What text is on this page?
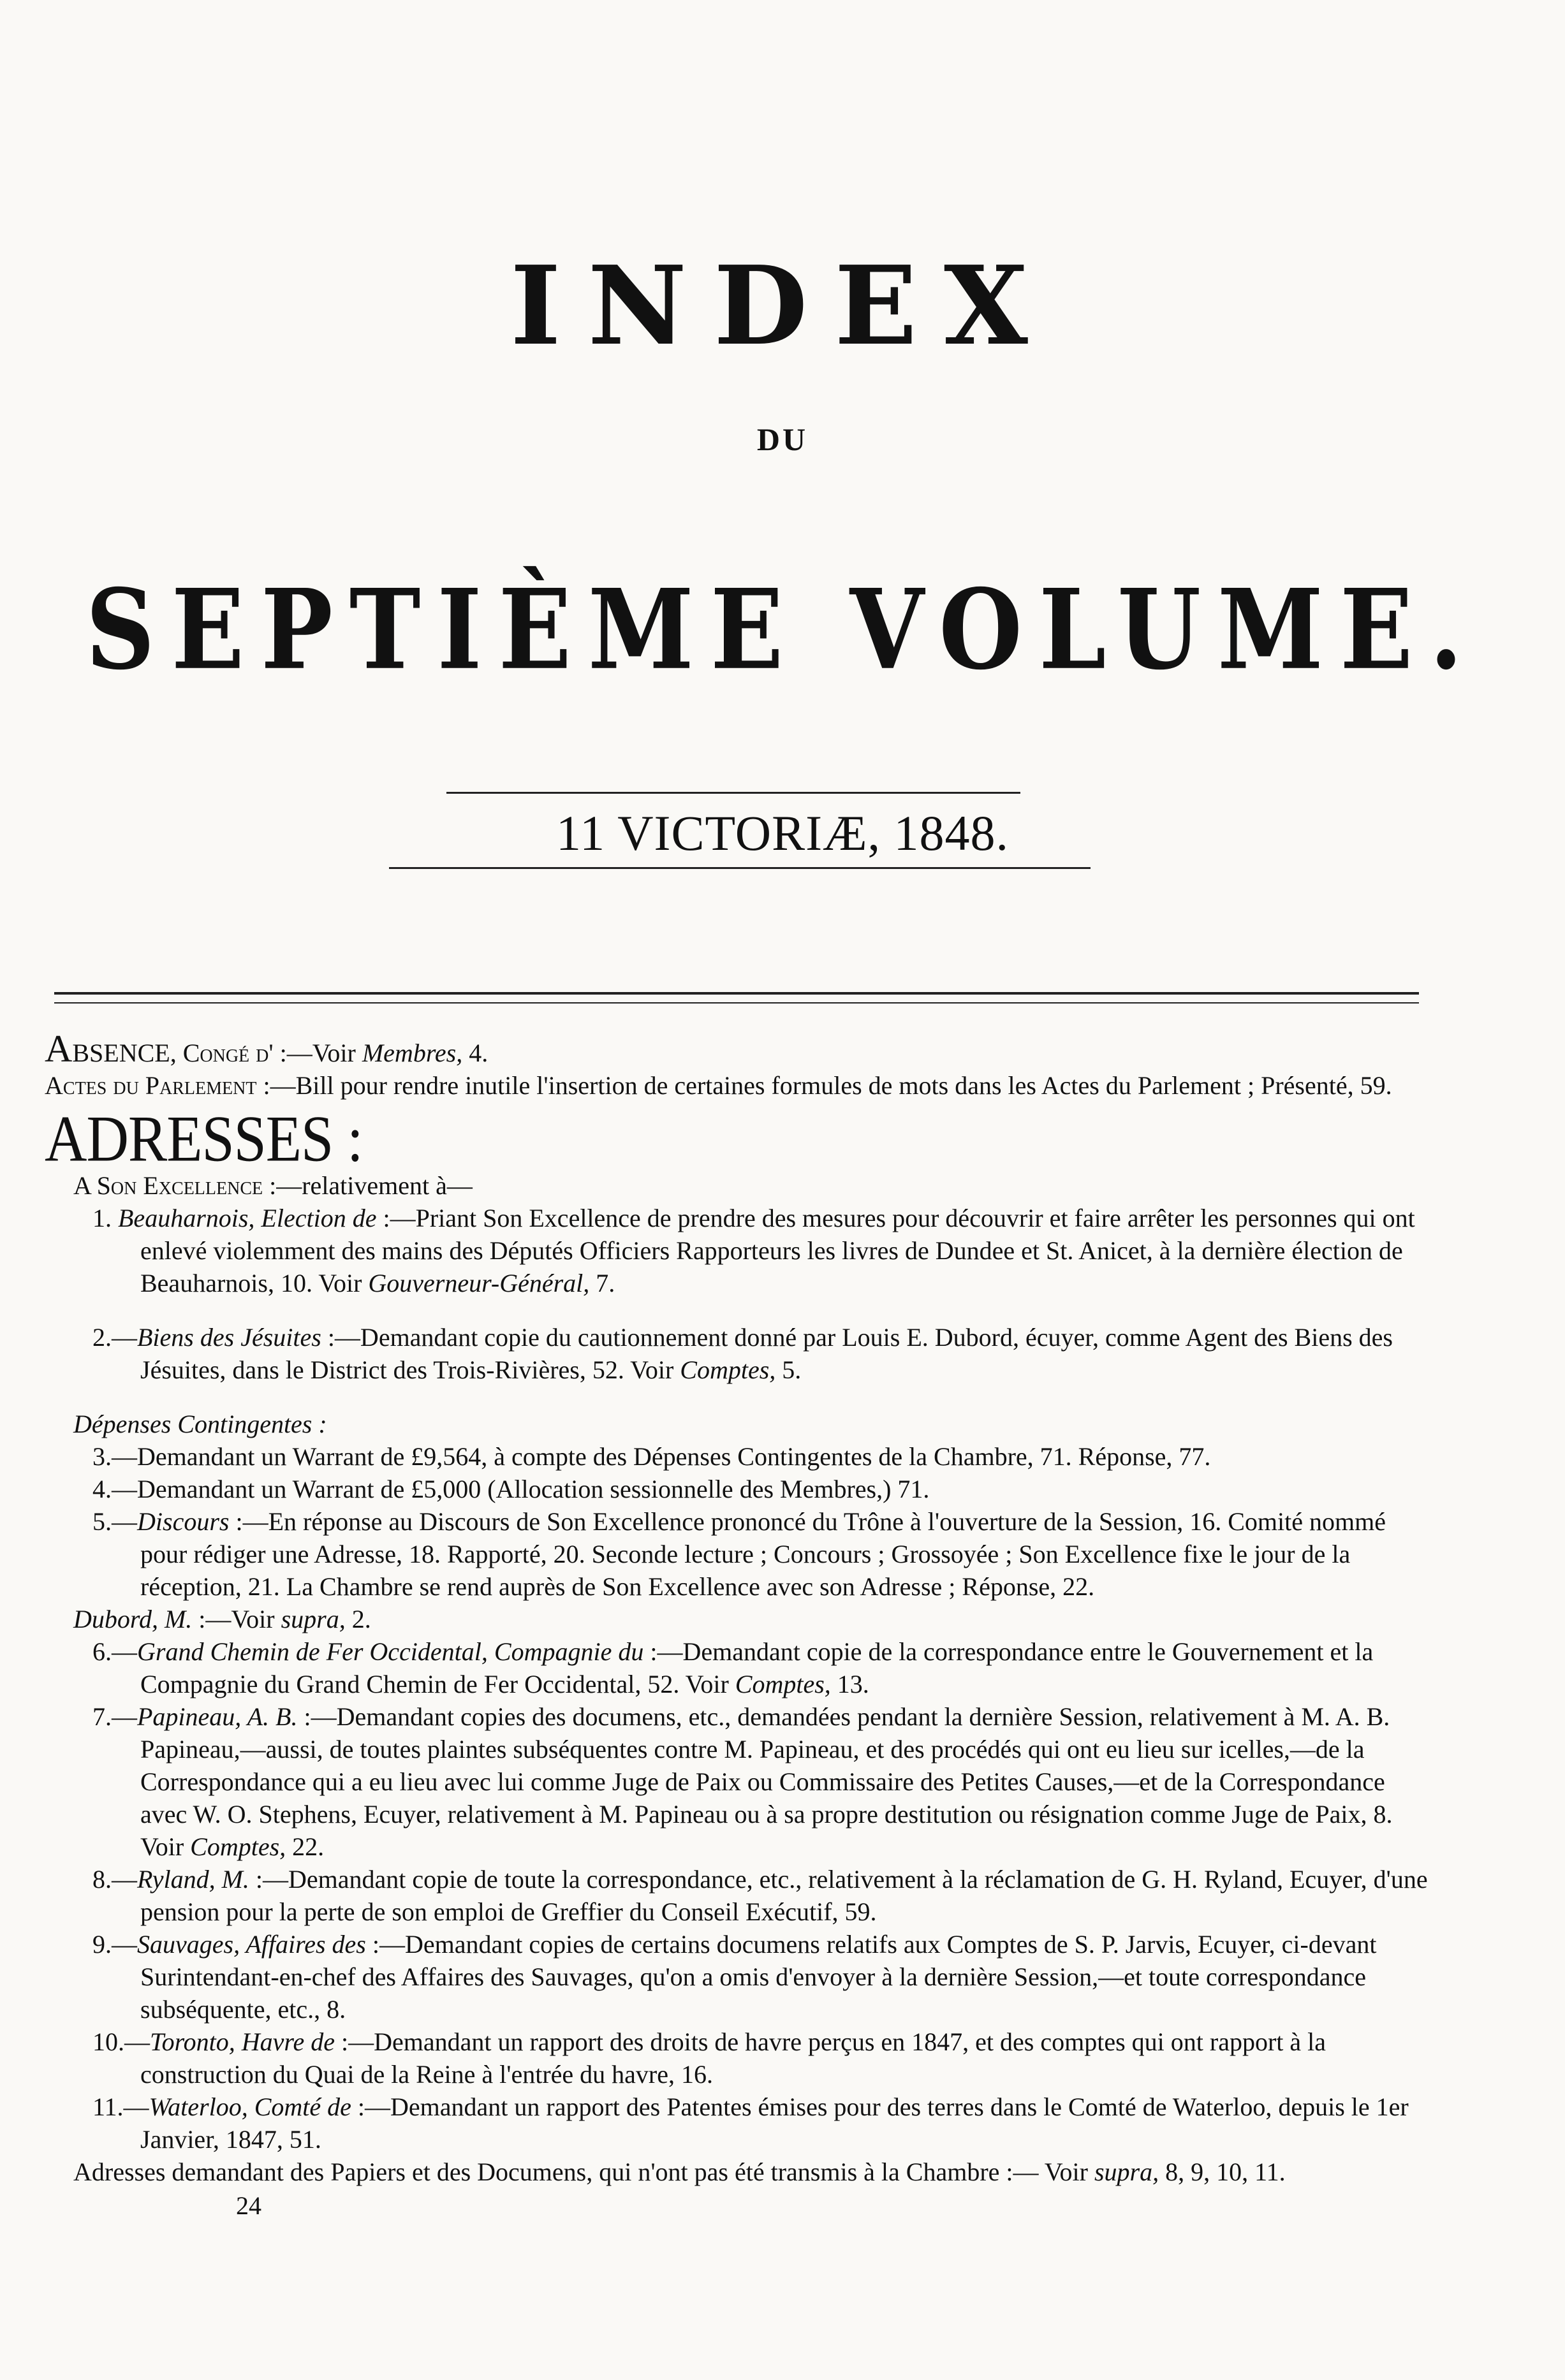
INDEX
DU
SEPTIÈME VOLUME.
11 VICTORIÆ, 1848.

ABSENCE, Congé d' :—Voir Membres, 4.

Actes du Parlement :—Bill pour rendre inutile l'insertion de certaines formules de mots dans les Actes du Parlement ; Présenté, 59.

ADRESSES :

A Son Excellence :—relativement à—

1. Beauharnois, Election de :—Priant Son Excellence de prendre des mesures pour découvrir et faire arrêter les personnes qui ont enlevé violemment des mains des Députés Officiers Rapporteurs les livres de Dundee et St. Anicet, à la dernière élection de Beauharnois, 10. Voir Gouverneur-Général, 7.

2.—Biens des Jésuites :—Demandant copie du cautionnement donné par Louis E. Dubord, écuyer, comme Agent des Biens des Jésuites, dans le District des Trois-Rivières, 52. Voir Comptes, 5.

Dépenses Contingentes :

3.—Demandant un Warrant de £9,564, à compte des Dépenses Contingentes de la Chambre, 71. Réponse, 77.

4.—Demandant un Warrant de £5,000 (Allocation sessionnelle des Membres,) 71.

5.—Discours :—En réponse au Discours de Son Excellence prononcé du Trône à l'ouverture de la Session, 16. Comité nommé pour rédiger une Adresse, 18. Rapporté, 20. Seconde lecture ; Concours ; Grossoyée ; Son Excellence fixe le jour de la réception, 21. La Chambre se rend auprès de Son Excellence avec son Adresse ; Réponse, 22.

Dubord, M. :—Voir supra, 2.

6.—Grand Chemin de Fer Occidental, Compagnie du :—Demandant copie de la correspondance entre le Gouvernement et la Compagnie du Grand Chemin de Fer Occidental, 52. Voir Comptes, 13.

7.—Papineau, A. B. :—Demandant copies des documens, etc., demandées pendant la dernière Session, relativement à M. A. B. Papineau,—aussi, de toutes plaintes subséquentes contre M. Papineau, et des procédés qui ont eu lieu sur icelles,—de la Correspondance qui a eu lieu avec lui comme Juge de Paix ou Commissaire des Petites Causes,—et de la Correspondance avec W. O. Stephens, Ecuyer, relativement à M. Papineau ou à sa propre destitution ou résignation comme Juge de Paix, 8. Voir Comptes, 22.

8.—Ryland, M. :—Demandant copie de toute la correspondance, etc., relativement à la réclamation de G. H. Ryland, Ecuyer, d'une pension pour la perte de son emploi de Greffier du Conseil Exécutif, 59.

9.—Sauvages, Affaires des :—Demandant copies de certains documens relatifs aux Comptes de S. P. Jarvis, Ecuyer, ci-devant Surintendant-en-chef des Affaires des Sauvages, qu'on a omis d'envoyer à la dernière Session,—et toute correspondance subséquente, etc., 8.

10.—Toronto, Havre de :—Demandant un rapport des droits de havre perçus en 1847, et des comptes qui ont rapport à la construction du Quai de la Reine à l'entrée du havre, 16.

11.—Waterloo, Comté de :—Demandant un rapport des Patentes émises pour des terres dans le Comté de Waterloo, depuis le 1er Janvier, 1847, 51.

Adresses demandant des Papiers et des Documens, qui n'ont pas été transmis à la Chambre :— Voir supra, 8, 9, 10, 11.

24
